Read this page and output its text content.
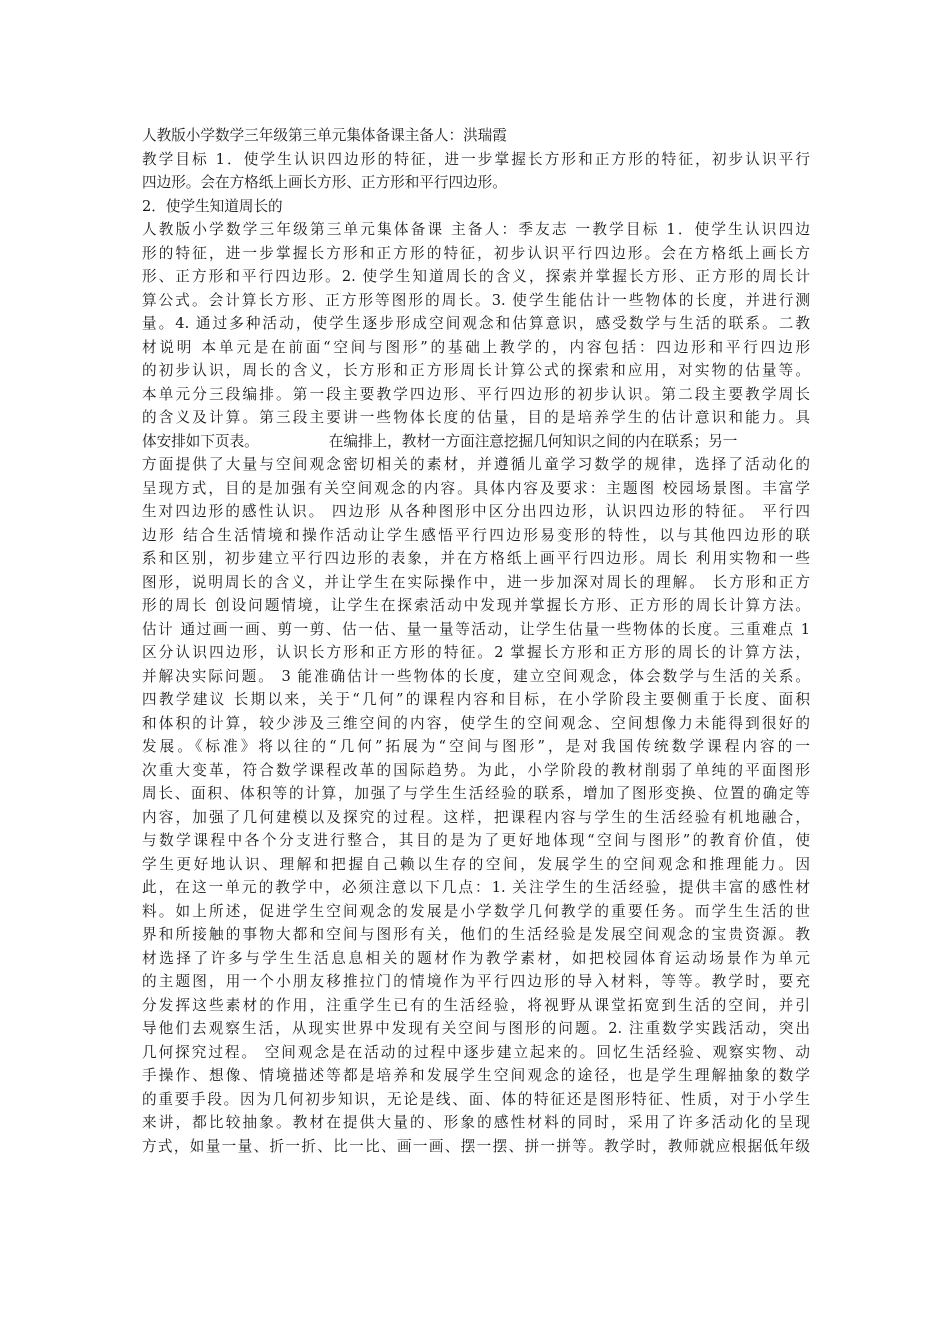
人教版小学数学三年级第三单元集体备课主备人：洪瑞霞
教学目标 1．使学生认识四边形的特征，进一步掌握长方形和正方形的特征，初步认识平行
四边形。会在方格纸上画长方形、正方形和平行四边形。
2．使学生知道周长的
人教版小学数学三年级第三单元集体备课 主备人：季友志 一教学目标 1．使学生认识四边
形的特征，进一步掌握长方形和正方形的特征，初步认识平行四边形。会在方格纸上画长方
形、正方形和平行四边形。2. 使学生知道周长的含义，探索并掌握长方形、正方形的周长计
算公式。会计算长方形、正方形等图形的周长。3. 使学生能估计一些物体的长度，并进行测
量。4. 通过多种活动，使学生逐步形成空间观念和估算意识，感受数学与生活的联系。二教
材说明 本单元是在前面“空间与图形”的基础上教学的，内容包括：四边形和平行四边形
的初步认识，周长的含义，长方形和正方形周长计算公式的探索和应用，对实物的估量等。
本单元分三段编排。第一段主要教学四边形、平行四边形的初步认识。第二段主要教学周长
的含义及计算。第三段主要讲一些物体长度的估量，目的是培养学生的估计意识和能力。具
体安排如下页表。	在编排上，教材一方面注意挖掘几何知识之间的内在联系；另一
方面提供了大量与空间观念密切相关的素材，并遵循儿童学习数学的规律，选择了活动化的
呈现方式，目的是加强有关空间观念的内容。具体内容及要求：主题图 校园场景图。丰富学
生对四边形的感性认识。 四边形 从各种图形中区分出四边形，认识四边形的特征。 平行四
边形 结合生活情境和操作活动让学生感悟平行四边形易变形的特性，以与其他四边形的联
系和区别，初步建立平行四边形的表象，并在方格纸上画平行四边形。周长 利用实物和一些
图形，说明周长的含义，并让学生在实际操作中，进一步加深对周长的理解。 长方形和正方
形的周长 创设问题情境，让学生在探索活动中发现并掌握长方形、正方形的周长计算方法。
估计 通过画一画、剪一剪、估一估、量一量等活动，让学生估量一些物体的长度。三重难点 1
区分认识四边形，认识长方形和正方形的特征。2 掌握长方形和正方形的周长的计算方法，
并解决实际问题。 3 能准确估计一些物体的长度，建立空间观念，体会数学与生活的关系。
四教学建议 长期以来，关于“几何”的课程内容和目标，在小学阶段主要侧重于长度、面积
和体积的计算，较少涉及三维空间的内容，使学生的空间观念、空间想像力未能得到很好的
发展。《标准》将以往的“几何”拓展为“空间与图形”，是对我国传统数学课程内容的一
次重大变革，符合数学课程改革的国际趋势。为此，小学阶段的教材削弱了单纯的平面图形
周长、面积、体积等的计算，加强了与学生生活经验的联系，增加了图形变换、位置的确定等
内容，加强了几何建模以及探究的过程。这样，把课程内容与学生的生活经验有机地融合，
与数学课程中各个分支进行整合，其目的是为了更好地体现“空间与图形”的教育价值，使
学生更好地认识、理解和把握自己赖以生存的空间，发展学生的空间观念和推理能力。因
此，在这一单元的教学中，必须注意以下几点：1. 关注学生的生活经验，提供丰富的感性材
料。如上所述，促进学生空间观念的发展是小学数学几何教学的重要任务。而学生生活的世
界和所接触的事物大都和空间与图形有关，他们的生活经验是发展空间观念的宝贵资源。教
材选择了许多与学生生活息息相关的题材作为教学素材，如把校园体育运动场景作为单元
的主题图，用一个小朋友移推拉门的情境作为平行四边形的导入材料，等等。教学时，要充
分发挥这些素材的作用，注重学生已有的生活经验，将视野从课堂拓宽到生活的空间，并引
导他们去观察生活，从现实世界中发现有关空间与图形的问题。2. 注重数学实践活动，突出
几何探究过程。 空间观念是在活动的过程中逐步建立起来的。回忆生活经验、观察实物、动
手操作、想像、情境描述等都是培养和发展学生空间观念的途径，也是学生理解抽象的数学
的重要手段。因为几何初步知识，无论是线、面、体的特征还是图形特征、性质，对于小学生
来讲，都比较抽象。教材在提供大量的、形象的感性材料的同时，采用了许多活动化的呈现
方式，如量一量、折一折、比一比、画一画、摆一摆、拼一拼等。教学时，教师就应根据低年级
